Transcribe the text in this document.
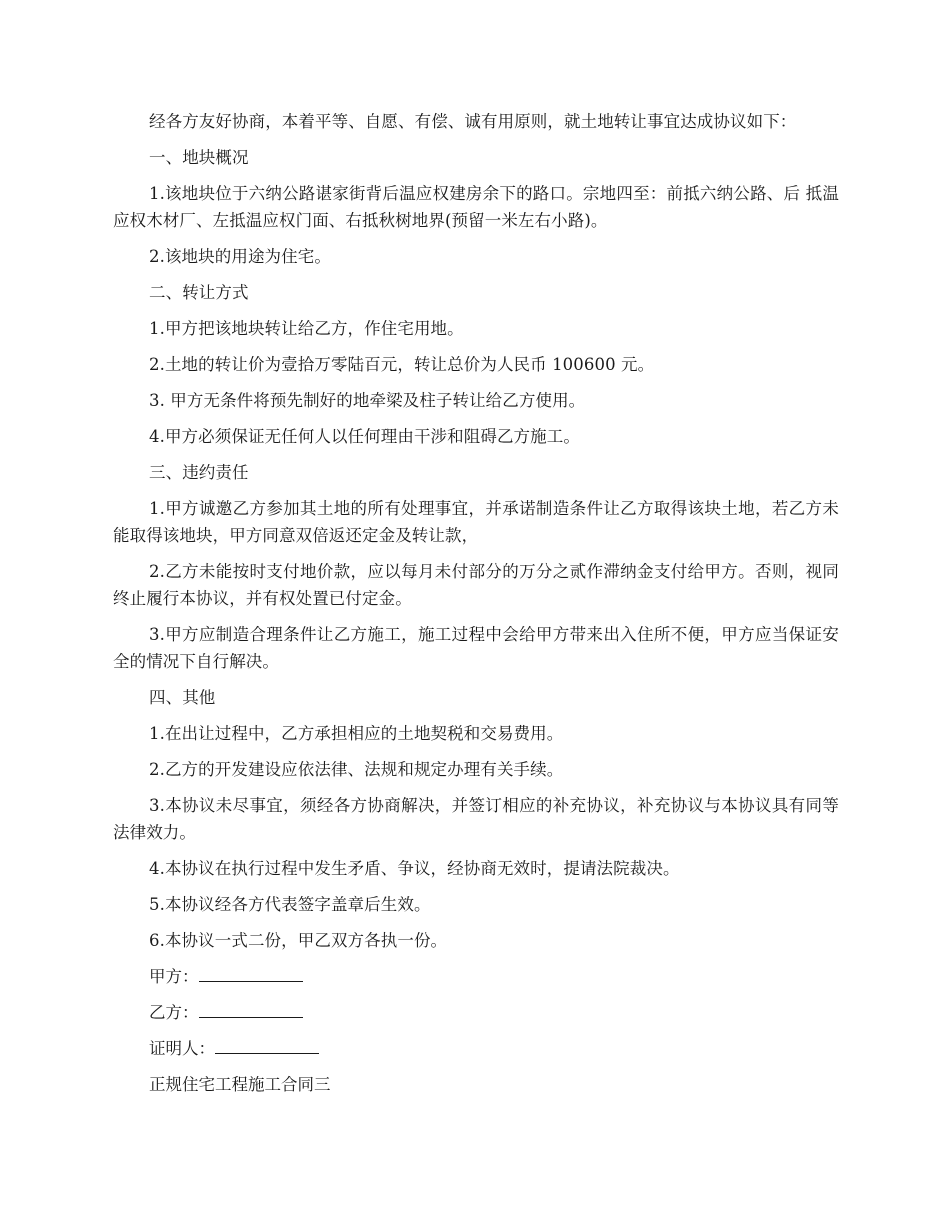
经各方友好协商，本着平等、自愿、有偿、诚有用原则，就土地转让事宜达成协议如下：

一、地块概况

1.该地块位于六纳公路谌家街背后温应权建房余下的路口。宗地四至：前抵六纳公路、后 抵温应权木材厂、左抵温应权门面、右抵秋树地界(预留一米左右小路)。

2.该地块的用途为住宅。

二、转让方式

1.甲方把该地块转让给乙方，作住宅用地。

2.土地的转让价为壹拾万零陆百元，转让总价为人民币 100600 元。

3. 甲方无条件将预先制好的地牵梁及柱子转让给乙方使用。

4.甲方必须保证无任何人以任何理由干涉和阻碍乙方施工。

三、违约责任

1.甲方诚邀乙方参加其土地的所有处理事宜，并承诺制造条件让乙方取得该块土地，若乙方未能取得该地块，甲方同意双倍返还定金及转让款，

2.乙方未能按时支付地价款，应以每月未付部分的万分之贰作滞纳金支付给甲方。否则，视同终止履行本协议，并有权处置已付定金。

3.甲方应制造合理条件让乙方施工，施工过程中会给甲方带来出入住所不便，甲方应当保证安全的情况下自行解决。

四、其他

1.在出让过程中，乙方承担相应的土地契税和交易费用。

2.乙方的开发建设应依法律、法规和规定办理有关手续。

3.本协议未尽事宜，须经各方协商解决，并签订相应的补充协议，补充协议与本协议具有同等法律效力。

4.本协议在执行过程中发生矛盾、争议，经协商无效时，提请法院裁决。

5.本协议经各方代表签字盖章后生效。

6.本协议一式二份，甲乙双方各执一份。

甲方：

乙方：

证明人：

正规住宅工程施工合同三
